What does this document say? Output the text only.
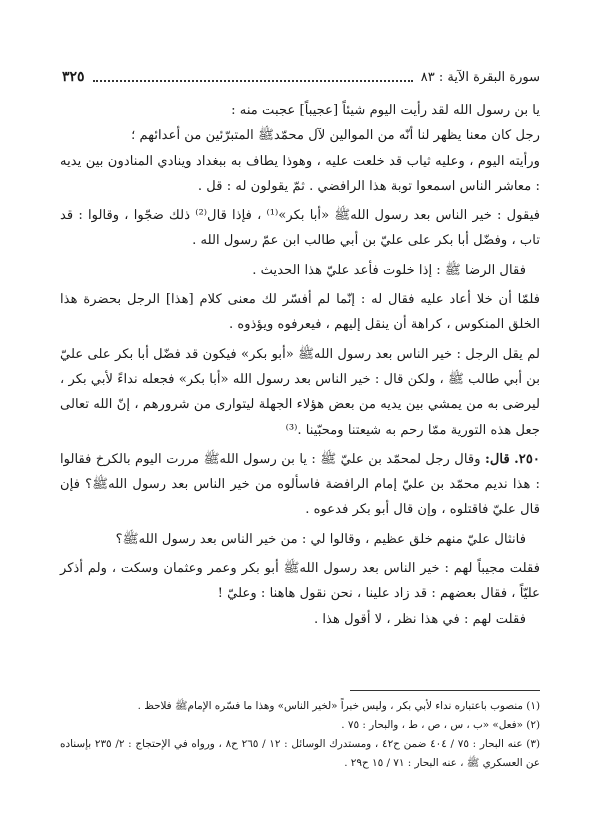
سورة البقرة الآية : ٨٣
٣٢٥

يا بن رسول الله لقد رأيت اليوم شيئاً [عجيباً] عجبت منه :

رجل كان معنا يظهر لنا أنّه من الموالين لآل محمّدﷺ المتبرّئين من أعدائهم ؛

ورأيته اليوم ، وعليه ثياب قد خلعت عليه ، وهوذا يطاف به ببغداد وينادي المنادون بين يديه : معاشر الناس اسمعوا توبة هذا الرافضي . ثمّ يقولون له : قل .

فيقول : خير الناس بعد رسول اللهﷺ «أبا بكر»⁽¹⁾ ، فإذا قال⁽²⁾ ذلك ضجّوا ، وقالوا : قد تاب ، وفضّل أبا بكر على عليّ بن أبي طالب ابن عمّ رسول الله .

فقال الرضا ﷺ : إذا خلوت فأعد عليّ هذا الحديث .

فلمّا أن خلا أعاد عليه فقال له : إنّما لم أفسّر لك معنى كلام [هذا] الرجل بحضرة هذا الخلق المنكوس ، كراهة أن ينقل إليهم ، فيعرفوه ويؤذوه .

لم يقل الرجل : خير الناس بعد رسول اللهﷺ «أبو بكر» فيكون قد فضّل أبا بكر على عليّ بن أبي طالب ﷺ ، ولكن قال : خير الناس بعد رسول الله «أبا بكر» فجعله نداءً لأبي بكر ، ليرضى به من يمشي بين يديه من بعض هؤلاء الجهلة ليتوارى من شرورهم ، إنّ الله تعالى جعل هذه التورية ممّا رحم به شيعتنا ومحبّينا .⁽³⁾

٢٥٠. قال: وقال رجل لمحمّد بن عليّ ﷺ : يا بن رسول اللهﷺ مررت اليوم بالكرخ فقالوا : هذا نديم محمّد بن عليّ إمام الرافضة فاسألوه من خير الناس بعد رسول اللهﷺ؟ فإن قال عليّ فاقتلوه ، وإن قال أبو بكر فدعوه .

فانثال عليّ منهم خلق عظيم ، وقالوا لي : من خير الناس بعد رسول اللهﷺ؟

فقلت مجيباً لهم : خير الناس بعد رسول اللهﷺ أبو بكر وعمر وعثمان وسكت ، ولم أذكر عليّاً ، فقال بعضهم : قد زاد علينا ، نحن نقول هاهنا : وعليّ !

فقلت لهم : في هذا نظر ، لا أقول هذا .

(١) منصوب باعتباره نداء لأبي بكر ، وليس خبراً «لخير الناس» وهذا ما فسّره الإمامﷺ فلاحظ .

(٢) «فعل» «ب ، س ، ص ، ط ، والبحار : ٧٥ .

(٣) عنه البحار : ٧٥ / ٤٠٤ ضمن ح٤٢ ، ومستدرك الوسائل : ١٢ / ٢٦٥ ح٨ ، ورواه في الإحتجاج : ٢/ ٢٣٥ بإسناده عن العسكري ﷺ ، عنه البحار : ٧١ / ١٥ ح٢٩ .
